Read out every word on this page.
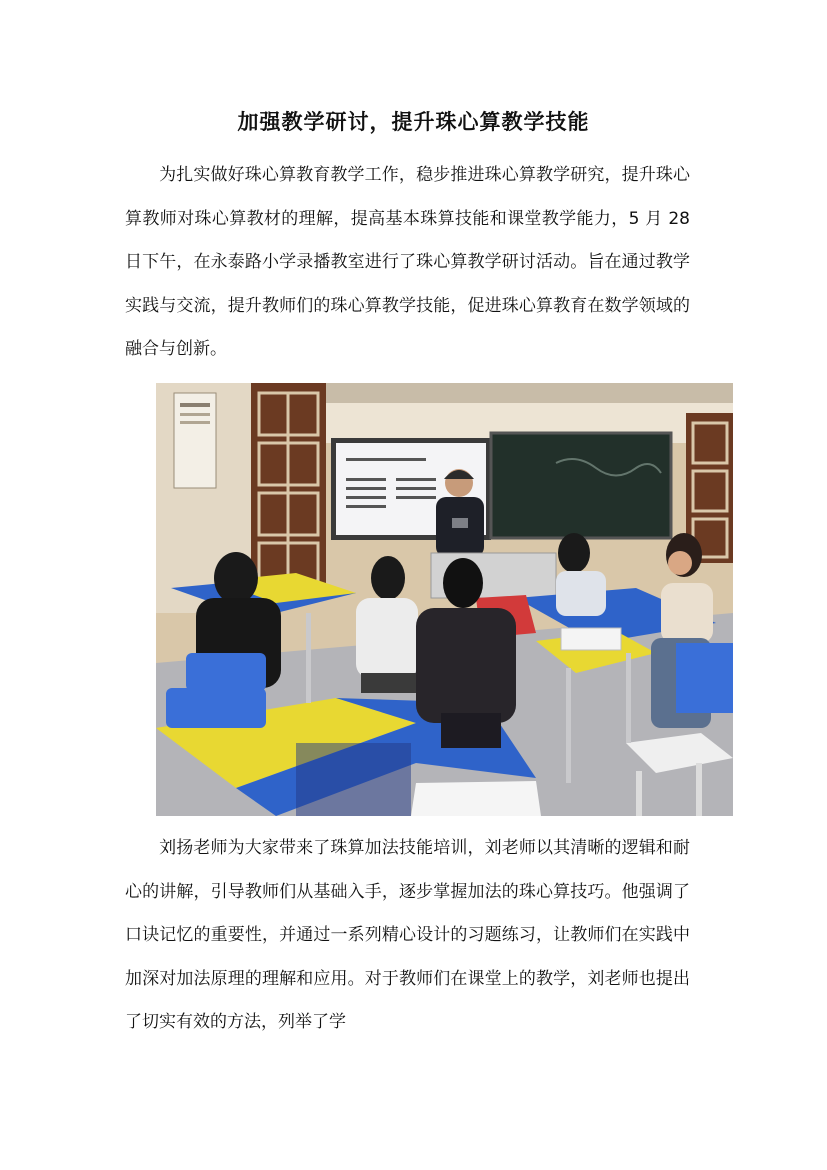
加强教学研讨，提升珠心算教学技能

为扎实做好珠心算教育教学工作，稳步推进珠心算教学研究，提升珠心算教师对珠心算教材的理解，提高基本珠算技能和课堂教学能力，5 月 28 日下午，在永泰路小学录播教室进行了珠心算教学研讨活动。旨在通过教学实践与交流，提升教师们的珠心算教学技能，促进珠心算教育在数学领域的融合与创新。

刘扬老师为大家带来了珠算加法技能培训，刘老师以其清晰的逻辑和耐心的讲解，引导教师们从基础入手，逐步掌握加法的珠心算技巧。他强调了口诀记忆的重要性，并通过一系列精心设计的习题练习，让教师们在实践中加深对加法原理的理解和应用。对于教师们在课堂上的教学，刘老师也提出了切实有效的方法，列举了学
